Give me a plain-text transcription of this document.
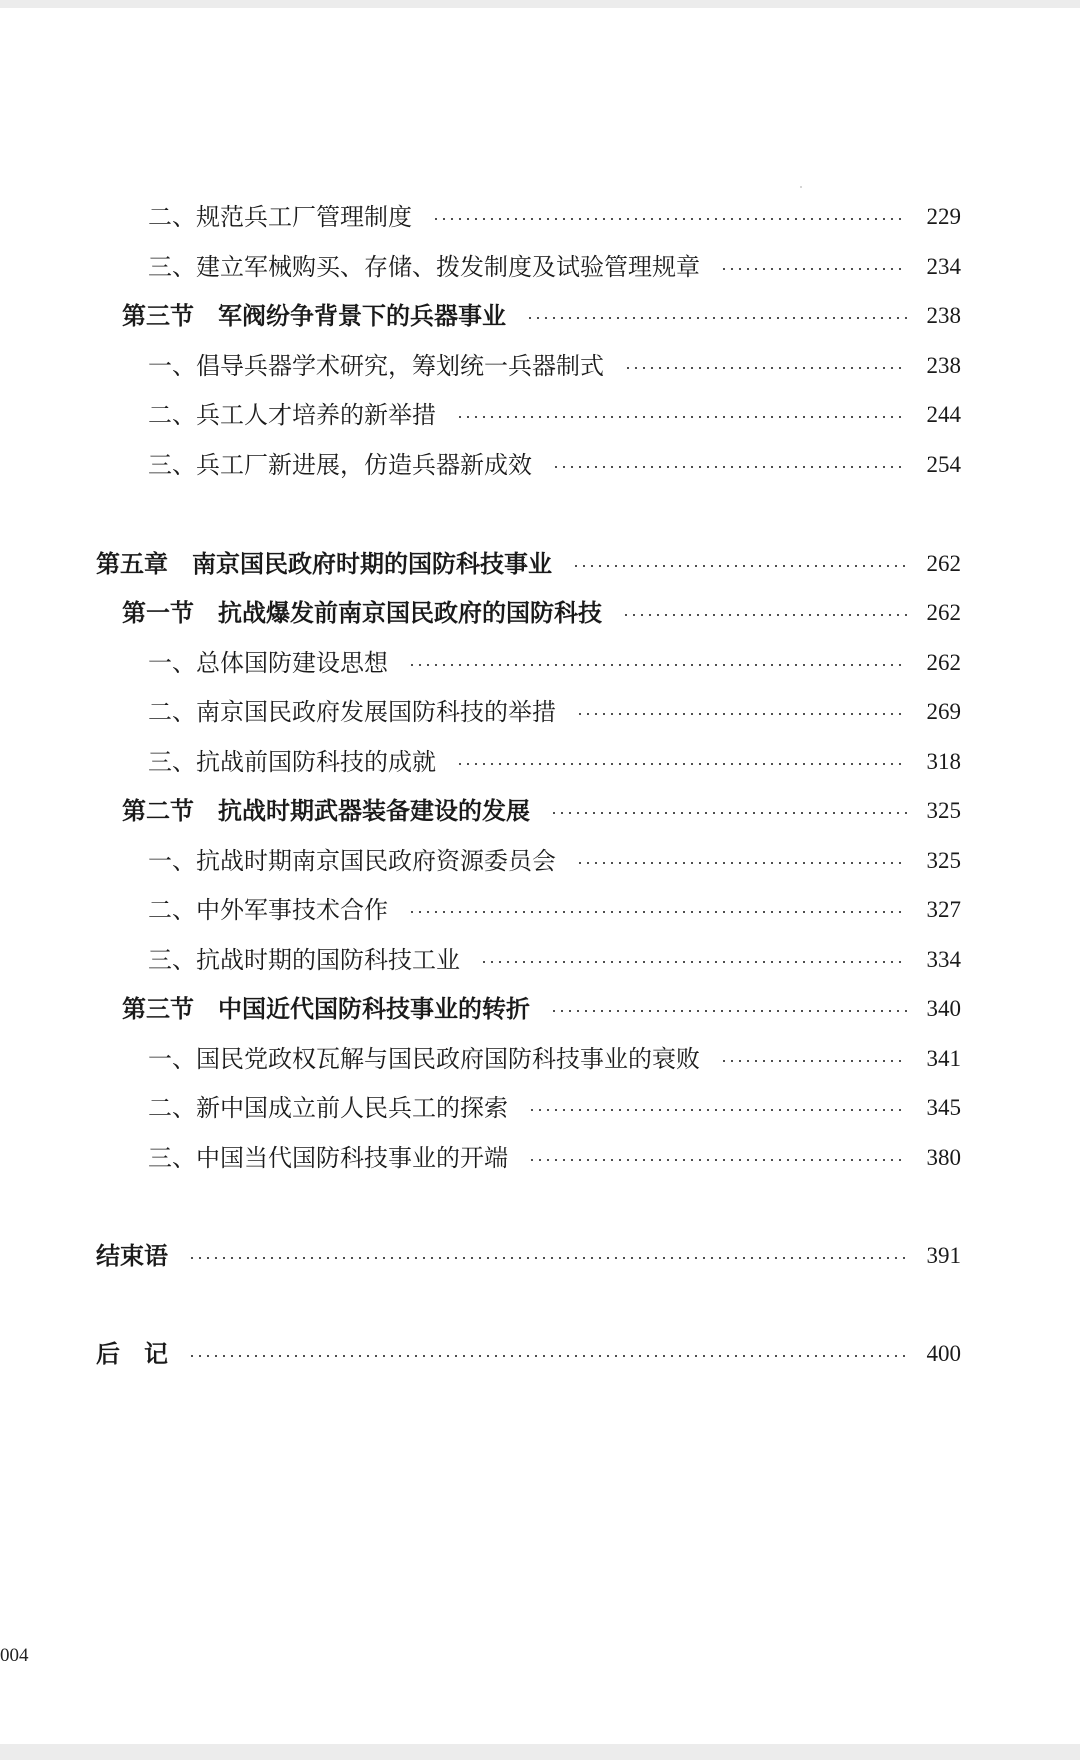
二、规范兵工厂管理制度	229
三、建立军械购买、存储、拨发制度及试验管理规章	234
第三节　军阀纷争背景下的兵器事业	238
一、倡导兵器学术研究，筹划统一兵器制式	238
二、兵工人才培养的新举措	244
三、兵工厂新进展，仿造兵器新成效	254
第五章　南京国民政府时期的国防科技事业	262
第一节　抗战爆发前南京国民政府的国防科技	262
一、总体国防建设思想	262
二、南京国民政府发展国防科技的举措	269
三、抗战前国防科技的成就	318
第二节　抗战时期武器装备建设的发展	325
一、抗战时期南京国民政府资源委员会	325
二、中外军事技术合作	327
三、抗战时期的国防科技工业	334
第三节　中国近代国防科技事业的转折	340
一、国民党政权瓦解与国民政府国防科技事业的衰败	341
二、新中国成立前人民兵工的探索	345
三、中国当代国防科技事业的开端	380
结束语	391
后　记	400
004
